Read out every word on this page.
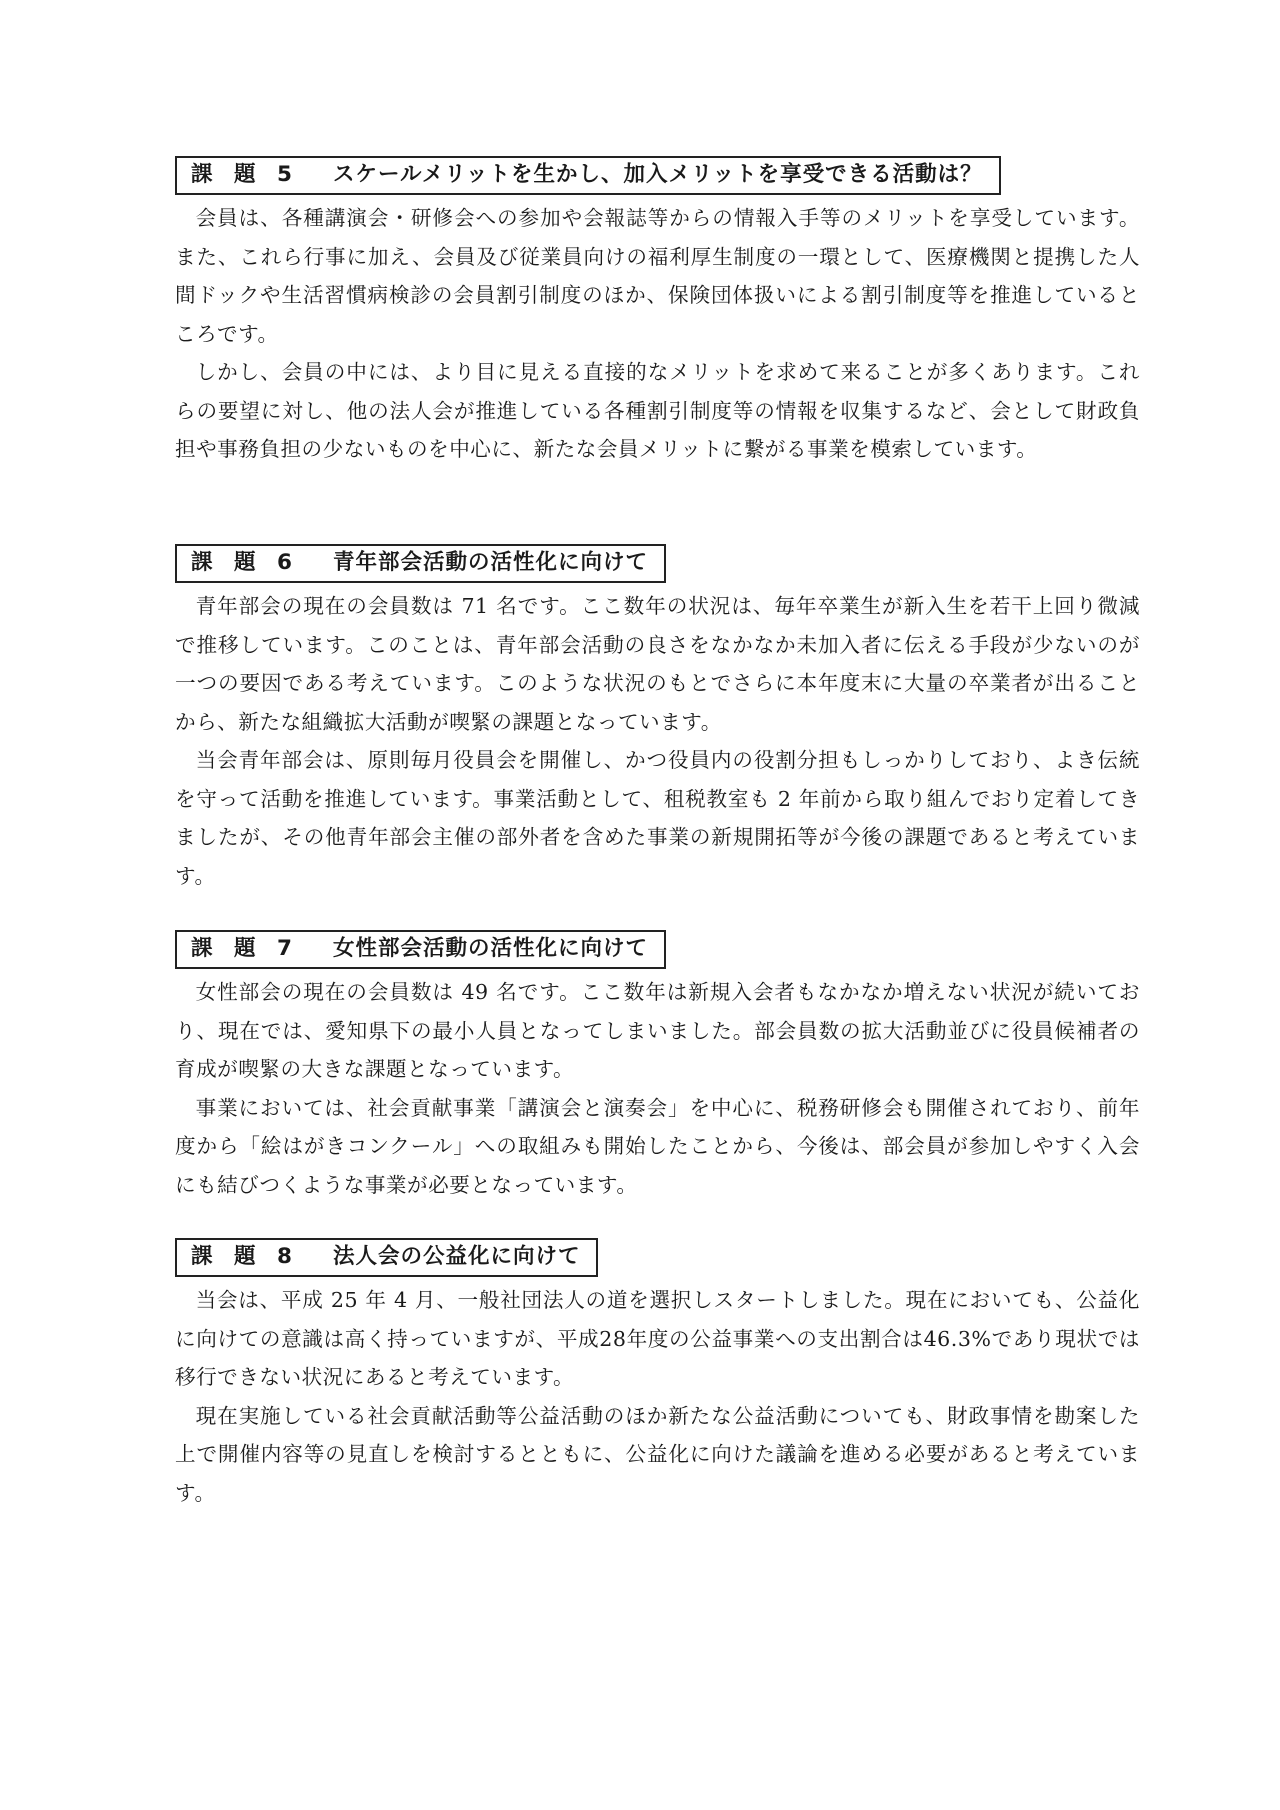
課 題 5 スケールメリットを生かし、加入メリットを享受できる活動は？

会員は、各種講演会・研修会への参加や会報誌等からの情報入手等のメリットを享受しています。また、これら行事に加え、会員及び従業員向けの福利厚生制度の一環として、医療機関と提携した人間ドックや生活習慣病検診の会員割引制度のほか、保険団体扱いによる割引制度等を推進しているところです。

しかし、会員の中には、より目に見える直接的なメリットを求めて来ることが多くあります。これらの要望に対し、他の法人会が推進している各種割引制度等の情報を収集するなど、会として財政負担や事務負担の少ないものを中心に、新たな会員メリットに繋がる事業を模索しています。

課 題 6 青年部会活動の活性化に向けて

青年部会の現在の会員数は 71 名です。ここ数年の状況は、毎年卒業生が新入生を若干上回り微減で推移しています。このことは、青年部会活動の良さをなかなか未加入者に伝える手段が少ないのが一つの要因である考えています。このような状況のもとでさらに本年度末に大量の卒業者が出ることから、新たな組織拡大活動が喫緊の課題となっています。

当会青年部会は、原則毎月役員会を開催し、かつ役員内の役割分担もしっかりしており、よき伝統を守って活動を推進しています。事業活動として、租税教室も 2 年前から取り組んでおり定着してきましたが、その他青年部会主催の部外者を含めた事業の新規開拓等が今後の課題であると考えています。

課 題 7 女性部会活動の活性化に向けて

女性部会の現在の会員数は 49 名です。ここ数年は新規入会者もなかなか増えない状況が続いており、現在では、愛知県下の最小人員となってしまいました。部会員数の拡大活動並びに役員候補者の育成が喫緊の大きな課題となっています。

事業においては、社会貢献事業「講演会と演奏会」を中心に、税務研修会も開催されており、前年度から「絵はがきコンクール」への取組みも開始したことから、今後は、部会員が参加しやすく入会にも結びつくような事業が必要となっています。

課 題 8 法人会の公益化に向けて

当会は、平成 25 年 4 月、一般社団法人の道を選択しスタートしました。現在においても、公益化に向けての意識は高く持っていますが、平成28年度の公益事業への支出割合は46.3%であり現状では移行できない状況にあると考えています。

現在実施している社会貢献活動等公益活動のほか新たな公益活動についても、財政事情を勘案した上で開催内容等の見直しを検討するとともに、公益化に向けた議論を進める必要があると考えています。
